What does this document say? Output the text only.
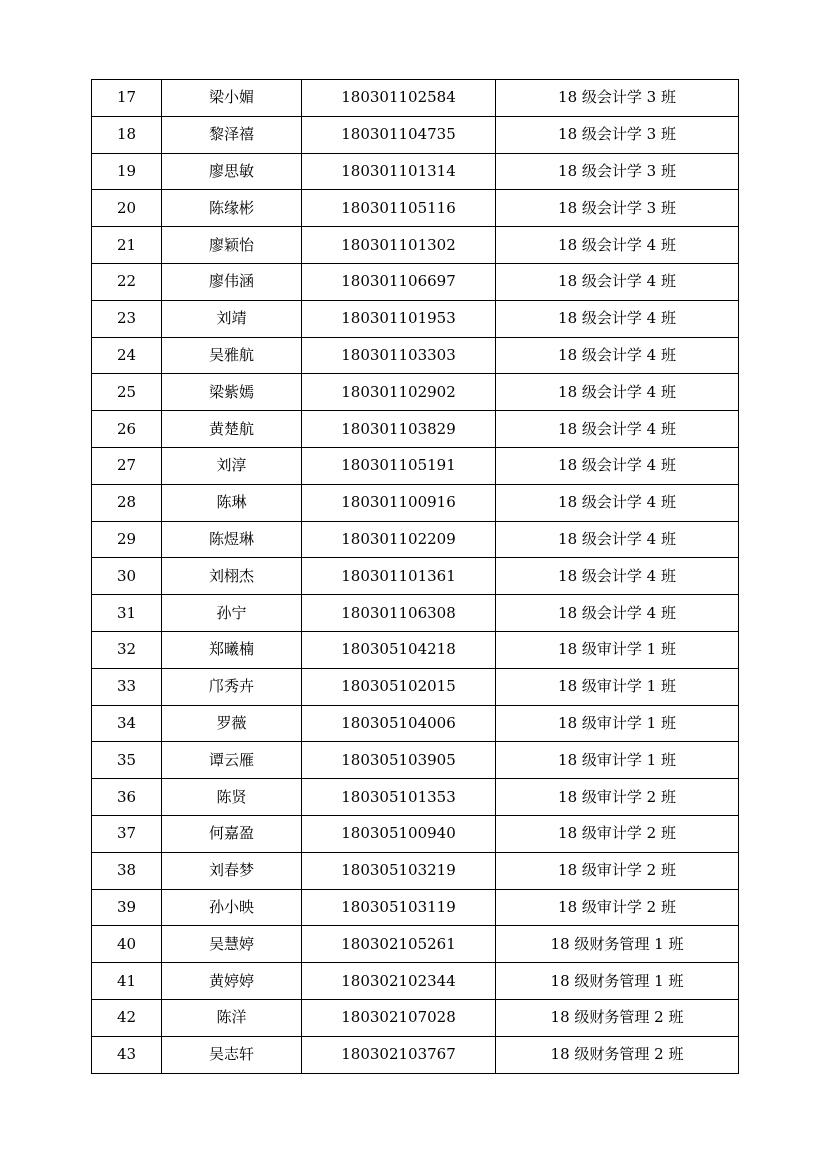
17	梁小媚	180301102584	18 级会计学 3 班
18	黎泽禧	180301104735	18 级会计学 3 班
19	廖思敏	180301101314	18 级会计学 3 班
20	陈缘彬	180301105116	18 级会计学 3 班
21	廖颖怡	180301101302	18 级会计学 4 班
22	廖伟涵	180301106697	18 级会计学 4 班
23	刘靖	180301101953	18 级会计学 4 班
24	吴雅航	180301103303	18 级会计学 4 班
25	梁紫嫣	180301102902	18 级会计学 4 班
26	黄楚航	180301103829	18 级会计学 4 班
27	刘淳	180301105191	18 级会计学 4 班
28	陈琳	180301100916	18 级会计学 4 班
29	陈煜琳	180301102209	18 级会计学 4 班
30	刘栩杰	180301101361	18 级会计学 4 班
31	孙宁	180301106308	18 级会计学 4 班
32	郑曦楠	180305104218	18 级审计学 1 班
33	邝秀卉	180305102015	18 级审计学 1 班
34	罗薇	180305104006	18 级审计学 1 班
35	谭云雁	180305103905	18 级审计学 1 班
36	陈贤	180305101353	18 级审计学 2 班
37	何嘉盈	180305100940	18 级审计学 2 班
38	刘春梦	180305103219	18 级审计学 2 班
39	孙小映	180305103119	18 级审计学 2 班
40	吴慧婷	180302105261	18 级财务管理 1 班
41	黄婷婷	180302102344	18 级财务管理 1 班
42	陈洋	180302107028	18 级财务管理 2 班
43	吴志轩	180302103767	18 级财务管理 2 班
